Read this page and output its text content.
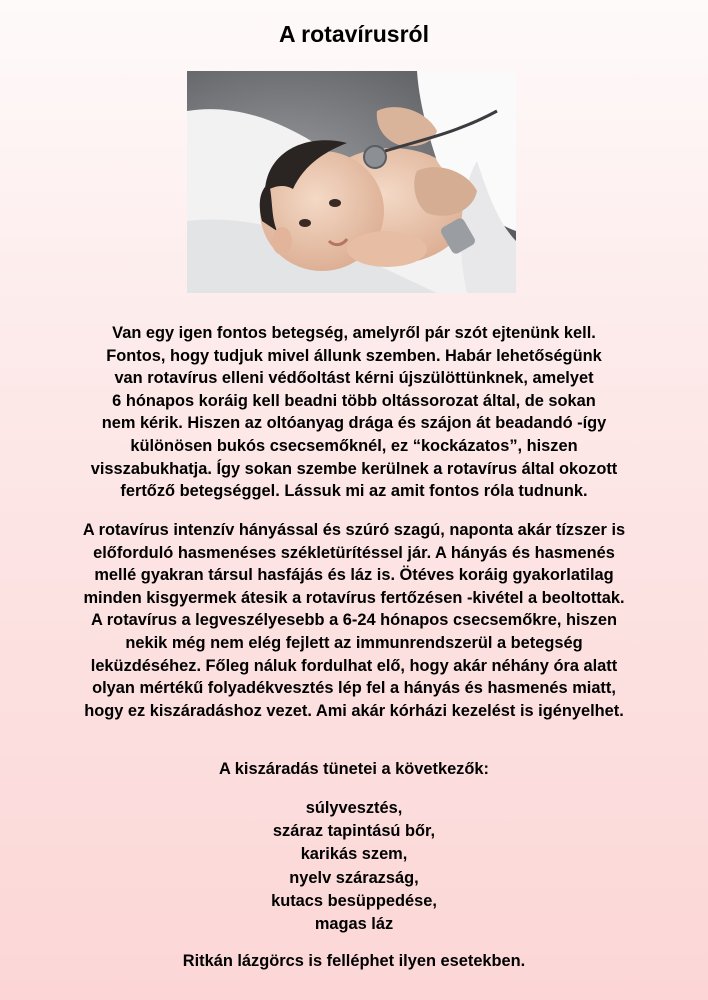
A rotavírusról

Van egy igen fontos betegség, amelyről pár szót ejtenünk kell.
Fontos, hogy tudjuk mivel állunk szemben. Habár lehetőségünk
van rotavírus elleni védőoltást kérni újszülöttünknek, amelyet
6 hónapos koráig kell beadni több oltássorozat által, de sokan
nem kérik. Hiszen az oltóanyag drága és szájon át beadandó -így
különösen bukós csecsemőknél, ez “kockázatos”, hiszen
visszabukhatja. Így sokan szembe kerülnek a rotavírus által okozott
fertőző betegséggel. Lássuk mi az amit fontos róla tudnunk.

A rotavírus intenzív hányással és szúró szagú, naponta akár tízszer is
előforduló hasmenéses székletürítéssel jár. A hányás és hasmenés
mellé gyakran társul hasfájás és láz is. Ötéves koráig gyakorlatilag
minden kisgyermek átesik a rotavírus fertőzésen -kivétel a beoltottak.
A rotavírus a legveszélyesebb a 6-24 hónapos csecsemőkre, hiszen
nekik még nem elég fejlett az immunrendszerül a betegség
leküzdéséhez. Főleg náluk fordulhat elő, hogy akár néhány óra alatt
olyan mértékű folyadékvesztés lép fel a hányás és hasmenés miatt,
hogy ez kiszáradáshoz vezet. Ami akár kórházi kezelést is igényelhet.

A kiszáradás tünetei a következők:

súlyvesztés,
száraz tapintású bőr,
karikás szem,
nyelv szárazság,
kutacs besüppedése,
magas láz

Ritkán lázgörcs is felléphet ilyen esetekben.
